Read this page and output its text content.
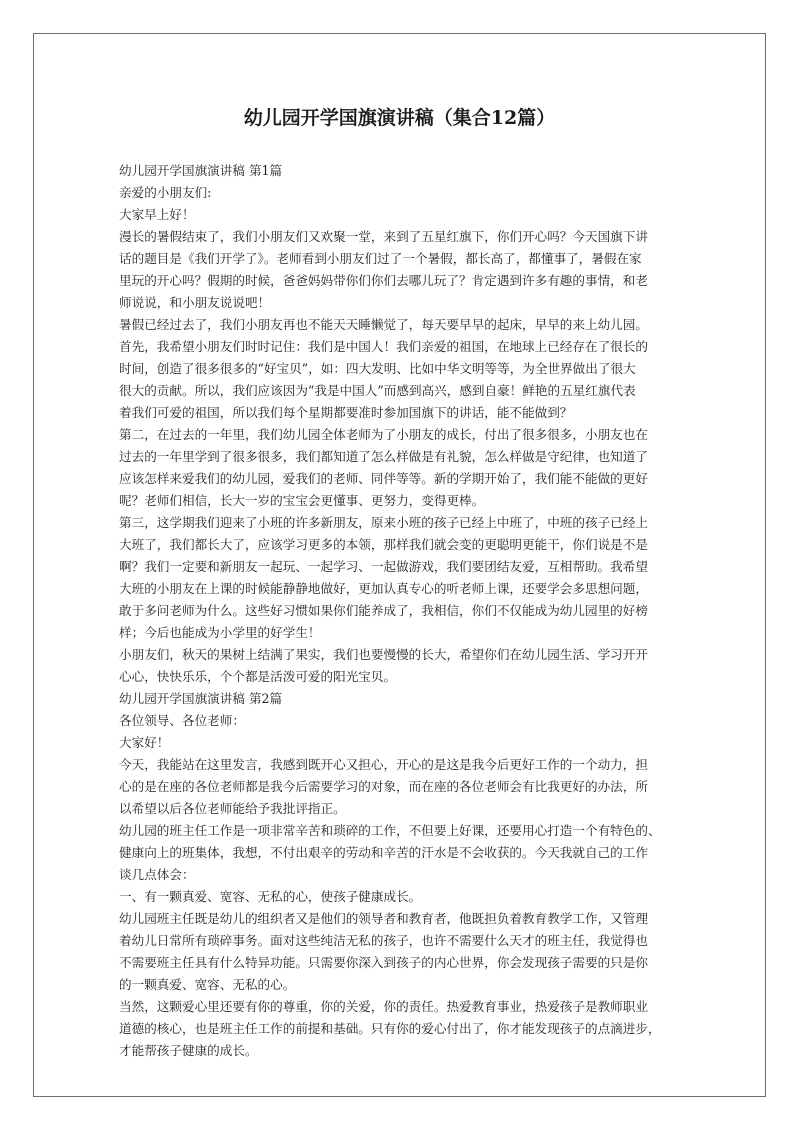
幼儿园开学国旗演讲稿（集合12篇）
幼儿园开学国旗演讲稿 第1篇
亲爱的小朋友们:
大家早上好！
漫长的暑假结束了，我们小朋友们又欢聚一堂，来到了五星红旗下，你们开心吗？今天国旗下讲
话的题目是《我们开学了》。老师看到小朋友们过了一个暑假，都长高了，都懂事了，暑假在家
里玩的开心吗？假期的时候，爸爸妈妈带你们你们去哪儿玩了？肯定遇到许多有趣的事情，和老
师说说，和小朋友说说吧！
暑假已经过去了，我们小朋友再也不能天天睡懒觉了，每天要早早的起床，早早的来上幼儿园。
首先，我希望小朋友们时时记住：我们是中国人！我们亲爱的祖国，在地球上已经存在了很长的
时间，创造了很多很多的“好宝贝”，如：四大发明、比如中华文明等等，为全世界做出了很大
很大的贡献。所以，我们应该因为“我是中国人”而感到高兴，感到自豪！鲜艳的五星红旗代表
着我们可爱的祖国，所以我们每个星期都要准时参加国旗下的讲话，能不能做到？
第二，在过去的一年里，我们幼儿园全体老师为了小朋友的成长，付出了很多很多，小朋友也在
过去的一年里学到了很多很多，我们都知道了怎么样做是有礼貌，怎么样做是守纪律，也知道了
应该怎样来爱我们的幼儿园，爱我们的老师、同伴等等。新的学期开始了，我们能不能做的更好
呢？老师们相信，长大一岁的宝宝会更懂事、更努力，变得更棒。
第三，这学期我们迎来了小班的许多新朋友，原来小班的孩子已经上中班了，中班的孩子已经上
大班了，我们都长大了，应该学习更多的本领，那样我们就会变的更聪明更能干，你们说是不是
啊？我们一定要和新朋友一起玩、一起学习、一起做游戏，我们要团结友爱，互相帮助。我希望
大班的小朋友在上课的时候能静静地做好，更加认真专心的听老师上课，还要学会多思想问题，
敢于多问老师为什么。这些好习惯如果你们能养成了，我相信，你们不仅能成为幼儿园里的好榜
样；今后也能成为小学里的好学生！
小朋友们，秋天的果树上结满了果实，我们也要慢慢的长大，希望你们在幼儿园生活、学习开开
心心，快快乐乐，个个都是活泼可爱的阳光宝贝。
幼儿园开学国旗演讲稿 第2篇
各位领导、各位老师：
大家好！
今天，我能站在这里发言，我感到既开心又担心，开心的是这是我今后更好工作的一个动力，担
心的是在座的各位老师都是我今后需要学习的对象，而在座的各位老师会有比我更好的办法，所
以希望以后各位老师能给予我批评指正。
幼儿园的班主任工作是一项非常辛苦和琐碎的工作，不但要上好课，还要用心打造一个有特色的、
健康向上的班集体，我想，不付出艰辛的劳动和辛苦的汗水是不会收获的。今天我就自己的工作
谈几点体会：
一、有一颗真爱、宽容、无私的心，使孩子健康成长。
幼儿园班主任既是幼儿的组织者又是他们的领导者和教育者，他既担负着教育教学工作，又管理
着幼儿日常所有琐碎事务。面对这些纯洁无私的孩子，也许不需要什么天才的班主任，我觉得也
不需要班主任具有什么特异功能。只需要你深入到孩子的内心世界，你会发现孩子需要的只是你
的一颗真爱、宽容、无私的心。
当然，这颗爱心里还要有你的尊重，你的关爱，你的责任。热爱教育事业，热爱孩子是教师职业
道德的核心，也是班主任工作的前提和基础。只有你的爱心付出了，你才能发现孩子的点滴进步，
才能帮孩子健康的成长。
